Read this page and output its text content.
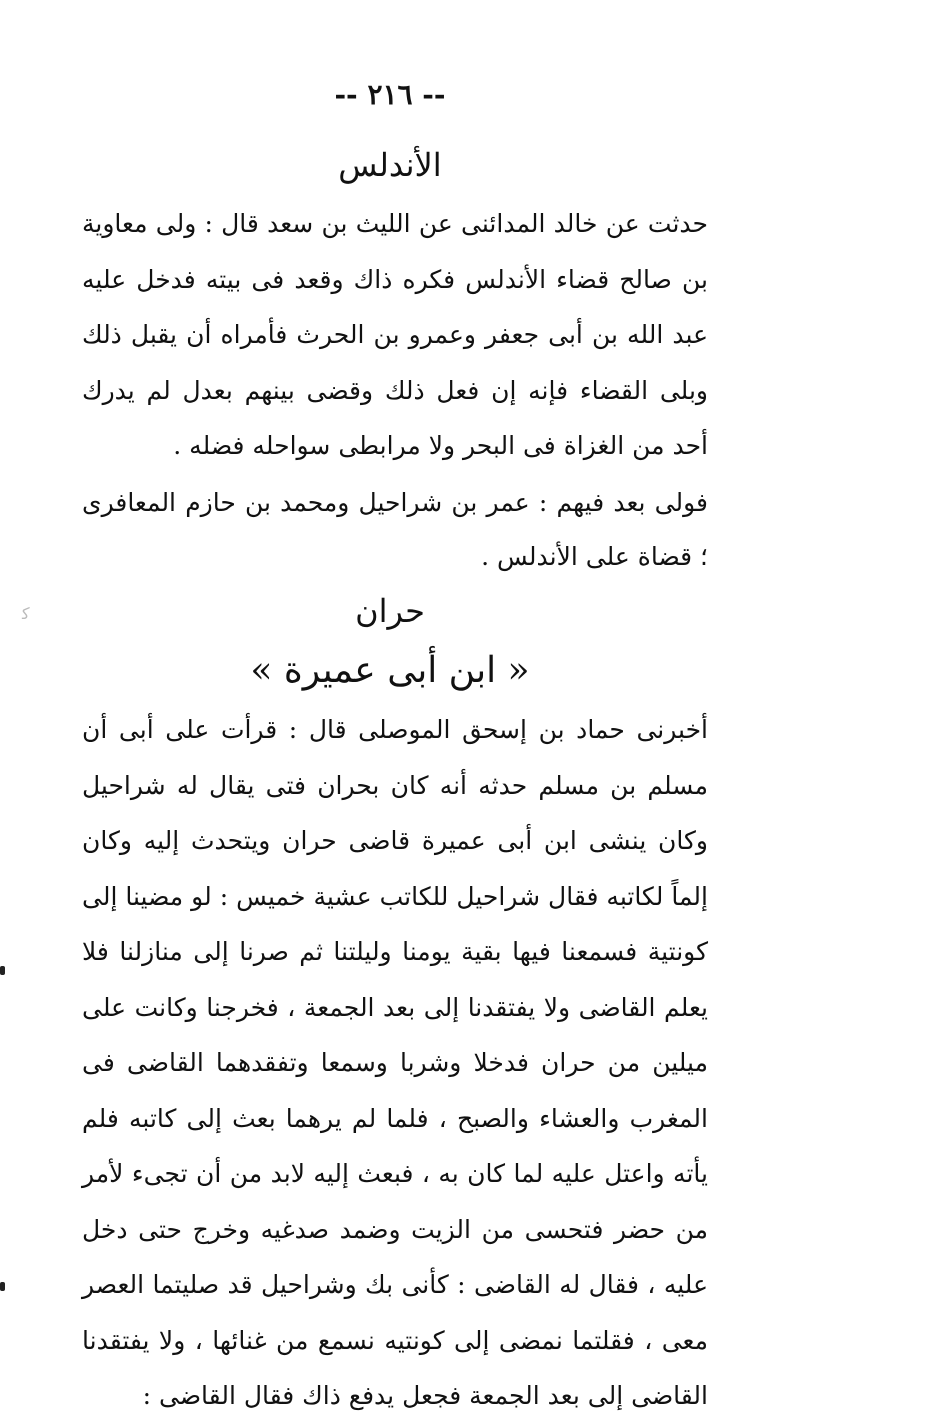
-- ٢١٦ --
الأندلس

حدثت عن خالد المدائنى عن الليث بن سعد قال : ولى معاوية بن صالح قضاء الأندلس فكره ذاك وقعد فى بيته فدخل عليه عبد الله بن أبى جعفر وعمرو بن الحرث فأمراه أن يقبل ذلك وبلى القضاء فإنه إن فعل ذلك وقضى بينهم بعدل لم يدرك أحد من الغزاة فى البحر ولا مرابطى سواحله فضله .

فولى بعد فيهم : عمر بن شراحيل ومحمد بن حازم المعافرى ؛ قضاة على الأندلس .

حران
« ابن أبى عميرة »

أخبرنى حماد بن إسحق الموصلى قال : قرأت على أبى أن مسلم بن مسلم حدثه أنه كان بحران فتى يقال له شراحيل وكان ينشى ابن أبى عميرة قاضى حران ويتحدث إليه وكان إلماً لكاتبه فقال شراحيل للكاتب عشية خميس : لو مضينا إلى كونتية فسمعنا فيها بقية يومنا وليلتنا ثم صرنا إلى منازلنا فلا يعلم القاضى ولا يفتقدنا إلى بعد الجمعة ، فخرجنا وكانت على ميلين من حران فدخلا وشربا وسمعا وتفقدهما القاضى فى المغرب والعشاء والصبح ، فلما لم يرهما بعث إلى كاتبه فلم يأته واعتل عليه لما كان به ، فبعث إليه لابد من أن تجىء لأمر من حضر فتحسى من الزيت وضمد صدغيه وخرج حتى دخل عليه ، فقال له القاضى : كأنى بك وشراحيل قد صليتما العصر معى ، فقلتما نمضى إلى كونتيه نسمع من غنائها ، ولا يفتقدنا القاضى إلى بعد الجمعة فجعل يدفع ذاك فقال القاضى :

ﮐ
